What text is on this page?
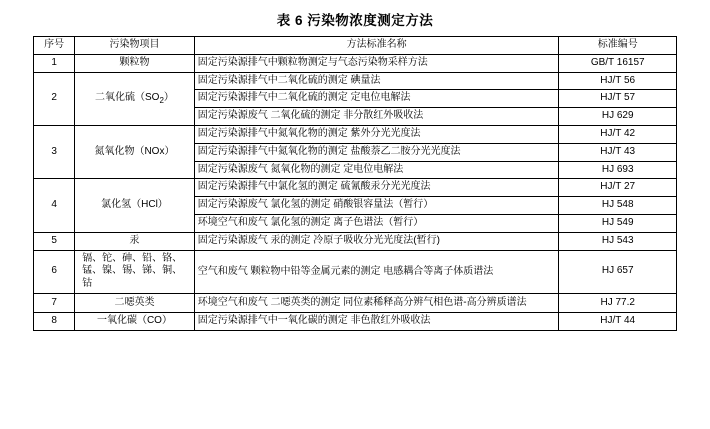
表 6 污染物浓度测定方法
序号	污染物项目	方法标准名称	标准编号
1	颗粒物	固定污染源排气中颗粒物测定与气态污染物采样方法	GB/T 16157
2	二氧化硫$(SO_2)$	固定污染源排气中二氧化硫的测定 碘量法	HJ/T 56
		固定污染源排气中二氧化硫的测定 定电位电解法	HJ/T 57
		固定污染源废气 二氧化硫的测定 非分散红外吸收法	HJ 629
3	氮氧化物（NOx）	固定污染源排气中氮氧化物的测定 紫外分光光度法	HJ/T 42
		固定污染源排气中氮氧化物的测定 盐酸萘乙二胺分光光度法	HJ/T 43
		固定污染源废气 氮氧化物的测定 定电位电解法	HJ 693
4	氯化氢（HCl）	固定污染源排气中氯化氢的测定 硫氰酸汞分光光度法	HJ/T 27
		固定污染源废气 氯化氢的测定 硝酸银容量法（暂行）	HJ 548
		环境空气和废气 氯化氢的测定 离子色谱法（暂行）	HJ 549
5	汞	固定污染源废气 汞的测定 冷原子吸收分光光度法(暂行)	HJ 543
6	镉、铊、砷、铅、铬、锰、镍、锡、锑、铜、钴	空气和废气 颗粒物中铅等金属元素的测定 电感耦合等离子体质谱法	HJ 657
7	二噁英类	环境空气和废气 二噁英类的测定 同位素稀释高分辨气相色谱-高分辨质谱法	HJ 77.2
8	一氧化碳（CO）	固定污染源排气中一氧化碳的测定 非色散红外吸收法	HJ/T 44
